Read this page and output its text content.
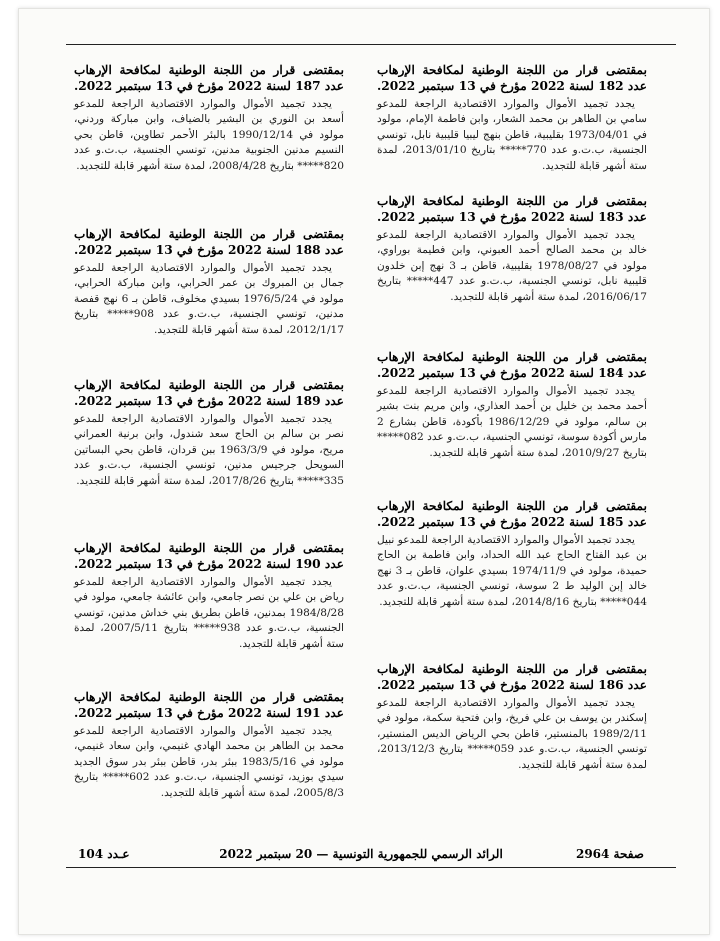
بمقتضى قرار من اللجنة الوطنية لمكافحة الإرهاب عدد 182 لسنة 2022 مؤرخ في 13 سبتمبر 2022.

يجدد تجميد الأموال والموارد الاقتصادية الراجعة للمدعو سامي بن الطاهر بن محمد الشعار، وابن فاطمة الإمام، مولود في 1973/04/01 بقليبية، قاطن بنهج ليبيا قليبية نابل، تونسي الجنسية، ب.ت.و عدد 770***** بتاريخ 2013/01/10، لمدة ستة أشهر قابلة للتجديد.

بمقتضى قرار من اللجنة الوطنية لمكافحة الإرهاب عدد 183 لسنة 2022 مؤرخ في 13 سبتمبر 2022.

يجدد تجميد الأموال والموارد الاقتصادية الراجعة للمدعو خالد بن محمد الصالح أحمد العبوني، وابن فطيمة بوراوي، مولود في 1978/08/27 بقليبية، قاطن بـ 3 نهج إبن خلدون قليبية نابل، تونسي الجنسية، ب.ت.و عدد 447***** بتاريخ 2016/06/17، لمدة ستة أشهر قابلة للتجديد.

بمقتضى قرار من اللجنة الوطنية لمكافحة الإرهاب عدد 184 لسنة 2022 مؤرخ في 13 سبتمبر 2022.

يجدد تجميد الأموال والموارد الاقتصادية الراجعة للمدعو أحمد محمد بن خليل بن أحمد العذاري، وابن مريم بنت بشير بن سالم، مولود في 1986/12/29 بأكودة، قاطن بشارع 2 مارس أكودة سوسة، تونسي الجنسية، ب.ت.و عدد 082***** بتاريخ 2010/9/27، لمدة ستة أشهر قابلة للتجديد.

بمقتضى قرار من اللجنة الوطنية لمكافحة الإرهاب عدد 185 لسنة 2022 مؤرخ في 13 سبتمبر 2022.

يجدد تجميد الأموال والموارد الاقتصادية الراجعة للمدعو نبيل بن عبد الفتاح الحاج عبد الله الحداد، وابن فاطمة بن الحاج حميدة، مولود في 1974/11/9 بسيدي علوان، قاطن بـ 3 نهج خالد إبن الوليد ط 2 سوسة، تونسي الجنسية، ب.ت.و عدد 044***** بتاريخ 2014/8/16، لمدة ستة أشهر قابلة للتجديد.

بمقتضى قرار من اللجنة الوطنية لمكافحة الإرهاب عدد 186 لسنة 2022 مؤرخ في 13 سبتمبر 2022.

يجدد تجميد الأموال والموارد الاقتصادية الراجعة للمدعو إسكندر بن يوسف بن علي فريخ، وابن فتحية سكمة، مولود في 1989/2/11 بالمنستير، قاطن بحي الرياض الديس المنستير، تونسي الجنسية، ب.ت.و عدد 059***** بتاريخ 2013/12/3، لمدة ستة أشهر قابلة للتجديد.

بمقتضى قرار من اللجنة الوطنية لمكافحة الإرهاب عدد 187 لسنة 2022 مؤرخ في 13 سبتمبر 2022.

يجدد تجميد الأموال والموارد الاقتصادية الراجعة للمدعو أسعد بن النوري بن البشير بالضياف، وابن مباركة وردني، مولود في 1990/12/14 بالبئر الأحمر تطاوين، قاطن بحي النسيم مدنين الجنوبية مدنين، تونسي الجنسية، ب.ت.و عدد 820***** بتاريخ 2008/4/28، لمدة ستة أشهر قابلة للتجديد.

بمقتضى قرار من اللجنة الوطنية لمكافحة الإرهاب عدد 188 لسنة 2022 مؤرخ في 13 سبتمبر 2022.

يجدد تجميد الأموال والموارد الاقتصادية الراجعة للمدعو جمال بن المبروك بن عمر الحرابي، وابن مباركة الحرابي، مولود في 1976/5/24 بسيدي مخلوف، قاطن بـ 6 نهج قفصة مدنين، تونسي الجنسية، ب.ت.و عدد 908***** بتاريخ 2012/1/17، لمدة ستة أشهر قابلة للتجديد.

بمقتضى قرار من اللجنة الوطنية لمكافحة الإرهاب عدد 189 لسنة 2022 مؤرخ في 13 سبتمبر 2022.

يجدد تجميد الأموال والموارد الاقتصادية الراجعة للمدعو نصر بن سالم بن الحاج سعد شندول، وابن برنية العمراني مريح، مولود في 1963/3/9 ببن قردان، قاطن بحي البساتين السويحل جرجيس مدنين، تونسي الجنسية، ب.ت.و عدد 335***** بتاريخ 2017/8/26، لمدة ستة أشهر قابلة للتجديد.

بمقتضى قرار من اللجنة الوطنية لمكافحة الإرهاب عدد 190 لسنة 2022 مؤرخ في 13 سبتمبر 2022.

يجدد تجميد الأموال والموارد الاقتصادية الراجعة للمدعو رياض بن علي بن نصر جامعي، وابن عائشة جامعي، مولود في 1984/8/28 بمدنين، قاطن بطريق بني خداش مدنين، تونسي الجنسية، ب.ت.و عدد 938***** بتاريخ 2007/5/11، لمدة ستة أشهر قابلة للتجديد.

بمقتضى قرار من اللجنة الوطنية لمكافحة الإرهاب عدد 191 لسنة 2022 مؤرخ في 13 سبتمبر 2022.

يجدد تجميد الأموال والموارد الاقتصادية الراجعة للمدعو محمد بن الطاهر بن محمد الهادي غنيمي، وابن سعاد غنيمي، مولود في 1983/5/16 ببئر بدر، قاطن ببئر بدر سوق الجديد سيدي بوزيد، تونسي الجنسية، ب.ت.و عدد 602***** بتاريخ 2005/8/3، لمدة ستة أشهر قابلة للتجديد.

صفحة 2964
الرائد الرسمي للجمهورية التونسية — 20 سبتمبر 2022
عـدد 104
